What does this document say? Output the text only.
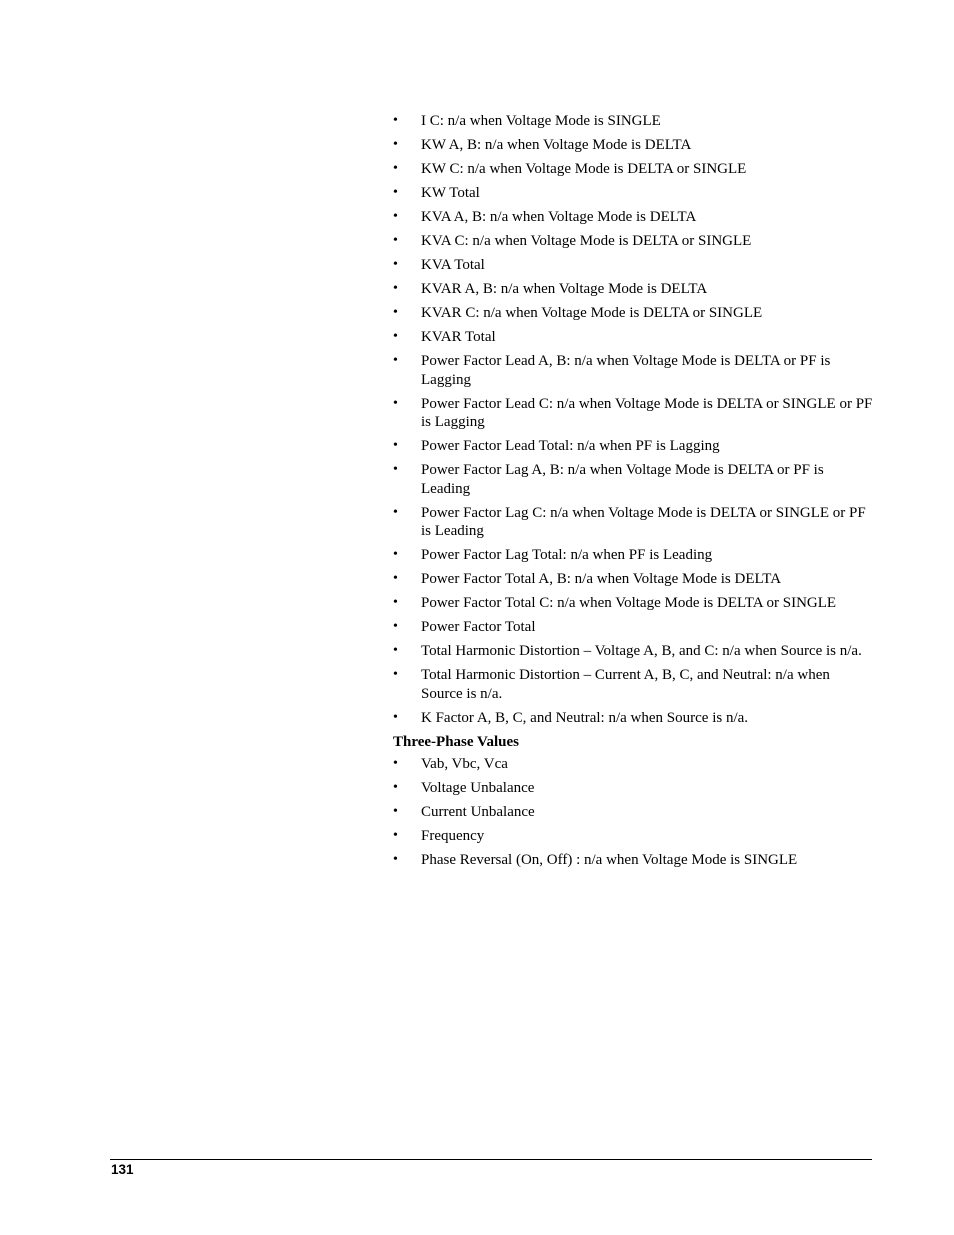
•	I C: n/a when Voltage Mode is SINGLE
•	KW A, B: n/a when Voltage Mode is DELTA
•	KW C: n/a when Voltage Mode is DELTA or SINGLE
•	KW Total
•	KVA A, B: n/a when Voltage Mode is DELTA
•	KVA C: n/a when Voltage Mode is DELTA or SINGLE
•	KVA Total
•	KVAR A, B: n/a when Voltage Mode is DELTA
•	KVAR C: n/a when Voltage Mode is DELTA or SINGLE
•	KVAR Total
•	Power Factor Lead A, B: n/a when Voltage Mode is DELTA or PF is Lagging
•	Power Factor Lead C: n/a when Voltage Mode is DELTA or SINGLE or PF is Lagging
•	Power Factor Lead Total: n/a when PF is Lagging
•	Power Factor Lag A, B: n/a when Voltage Mode is DELTA or PF is Leading
•	Power Factor Lag C: n/a when Voltage Mode is DELTA or SINGLE or PF is Leading
•	Power Factor Lag Total: n/a when PF is Leading
•	Power Factor Total A, B: n/a when Voltage Mode is DELTA
•	Power Factor Total C: n/a when Voltage Mode is DELTA or SINGLE
•	Power Factor Total
•	Total Harmonic Distortion – Voltage A, B, and C: n/a when Source is n/a.
•	Total Harmonic Distortion – Current A, B, C, and Neutral: n/a when Source is n/a.
•	K Factor A, B, C, and Neutral: n/a when Source is n/a.
Three-Phase Values
•	Vab, Vbc, Vca
•	Voltage Unbalance
•	Current Unbalance
•	Frequency
•	Phase Reversal (On, Off) : n/a when Voltage Mode is SINGLE
131
